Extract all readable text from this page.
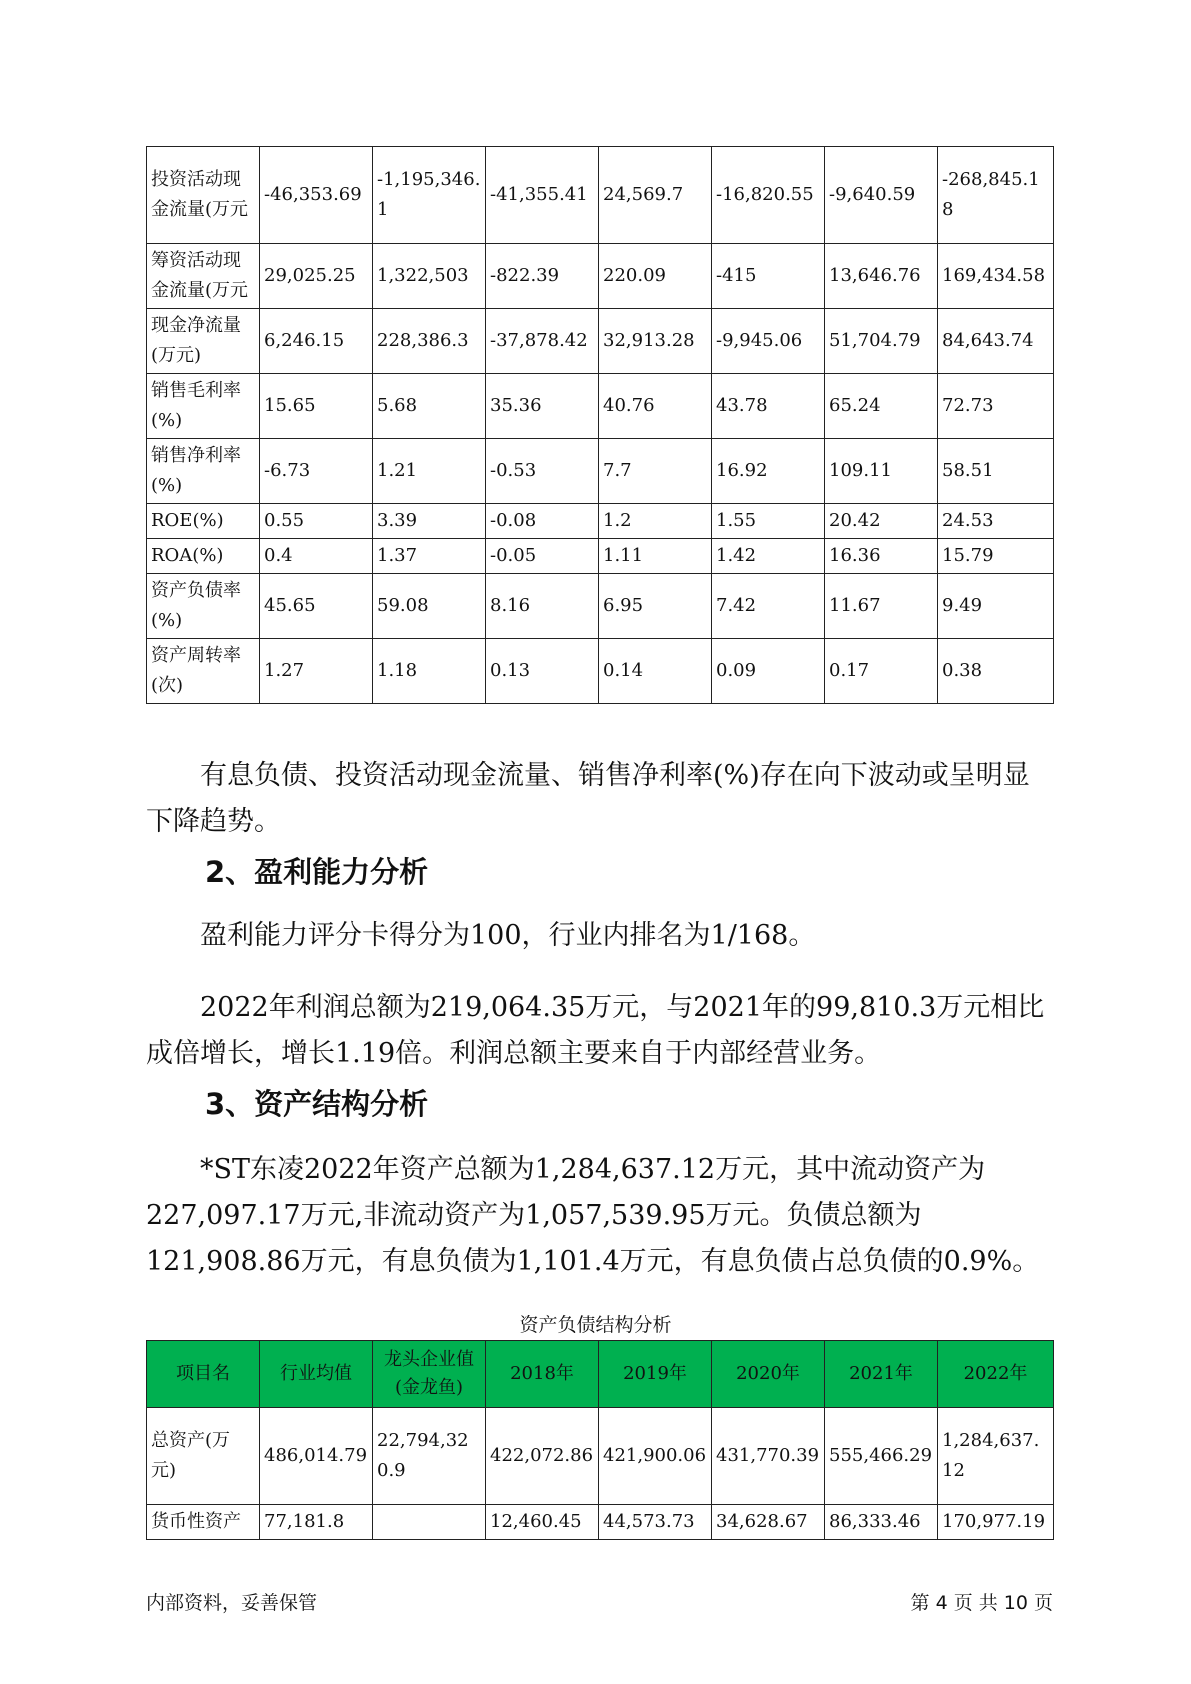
投资活动现金流量(万元	-46,353.69	-1,195,346.1	-41,355.41	24,569.7	-16,820.55	-9,640.59	-268,845.18
筹资活动现金流量(万元	29,025.25	1,322,503	-822.39	220.09	-415	13,646.76	169,434.58
现金净流量(万元)	6,246.15	228,386.3	-37,878.42	32,913.28	-9,945.06	51,704.79	84,643.74
销售毛利率(%)	15.65	5.68	35.36	40.76	43.78	65.24	72.73
销售净利率(%)	-6.73	1.21	-0.53	7.7	16.92	109.11	58.51
ROE(%)	0.55	3.39	-0.08	1.2	1.55	20.42	24.53
ROA(%)	0.4	1.37	-0.05	1.11	1.42	16.36	15.79
资产负债率(%)	45.65	59.08	8.16	6.95	7.42	11.67	9.49
资产周转率(次)	1.27	1.18	0.13	0.14	0.09	0.17	0.38

有息负债、投资活动现金流量、销售净利率(%)存在向下波动或呈明显下降趋势。

2、盈利能力分析

盈利能力评分卡得分为100，行业内排名为1/168。

2022年利润总额为219,064.35万元，与2021年的99,810.3万元相比成倍增长，增长1.19倍。利润总额主要来自于内部经营业务。

3、资产结构分析

*ST东凌2022年资产总额为1,284,637.12万元，其中流动资产为227,097.17万元,非流动资产为1,057,539.95万元。负债总额为121,908.86万元，有息负债为1,101.4万元，有息负债占总负债的0.9%。

资产负债结构分析
项目名	行业均值	龙头企业值(金龙鱼)	2018年	2019年	2020年	2021年	2022年
总资产(万元)	486,014.79	22,794,320.9	422,072.86	421,900.06	431,770.39	555,466.29	1,284,637.12
货币性资产	77,181.8		12,460.45	44,573.73	34,628.67	86,333.46	170,977.19
内部资料，妥善保管	第 4 页 共 10 页
